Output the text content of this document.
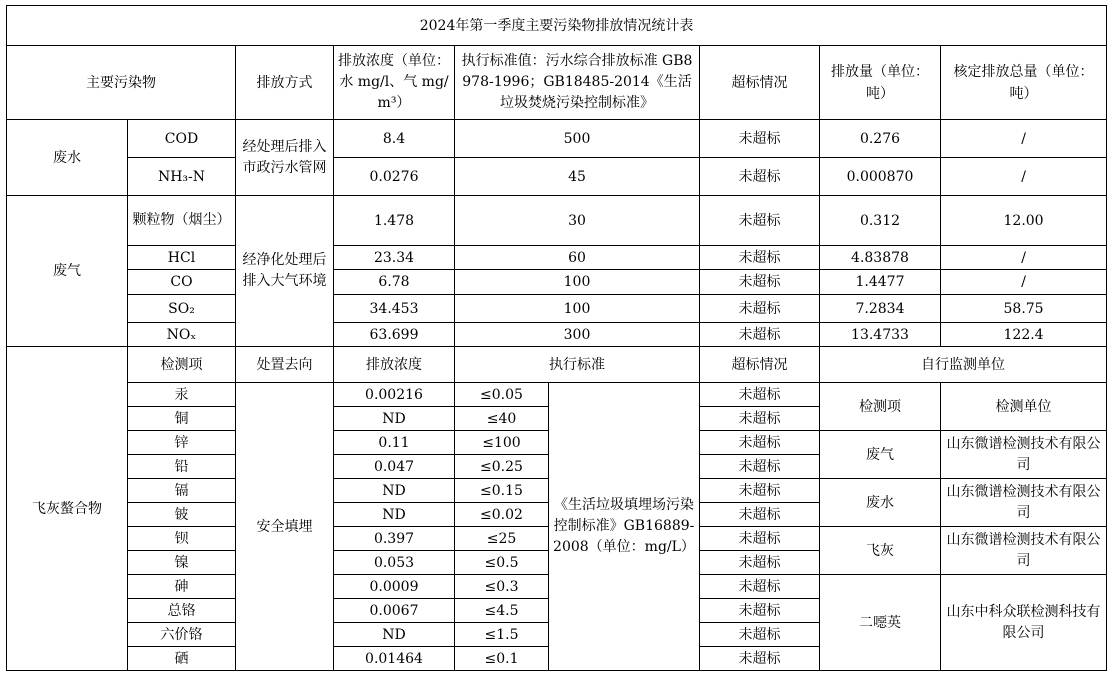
2024年第一季度主要污染物排放情况统计表								
主要污染物		排放方式	排放浓度（单位：水 mg/l、气 mg/m³）	执行标准值：污水综合排放标准 GB8978-1996；GB18485-2014《生活垃圾焚烧污染控制标准》		超标情况	排放量（单位：吨）	核定排放总量（单位：吨）
废水	COD	经处理后排入市政污水管网	8.4	500		未超标	0.276	/
	NH₃-N		0.0276	45		未超标	0.000870	/
废气	颗粒物（烟尘）	经净化处理后排入大气环境	1.478	30		未超标	0.312	12.00
	HCl		23.34	60		未超标	4.83878	/
	CO		6.78	100		未超标	1.4477	/
	SO₂		34.453	100		未超标	7.2834	58.75
	NOₓ		63.699	300		未超标	13.4733	122.4
飞灰螯合物	检测项	处置去向	排放浓度	执行标准		超标情况	自行监测单位	
	汞	安全填埋	0.00216	≤0.05	《生活垃圾填埋场污染控制标准》GB16889-2008（单位：mg/L）	未超标	检测项	检测单位
	铜		ND	≤40		未超标		
	锌		0.11	≤100		未超标	废气	山东微谱检测技术有限公司
	铅		0.047	≤0.25		未超标		
	镉		ND	≤0.15		未超标	废水	山东微谱检测技术有限公司
	铍		ND	≤0.02		未超标		
	钡		0.397	≤25		未超标	飞灰	山东微谱检测技术有限公司
	镍		0.053	≤0.5		未超标		
	砷		0.0009	≤0.3		未超标	二噁英	山东中科众联检测科技有限公司
	总铬		0.0067	≤4.5		未超标		
	六价铬		ND	≤1.5		未超标		
	硒		0.01464	≤0.1		未超标		
